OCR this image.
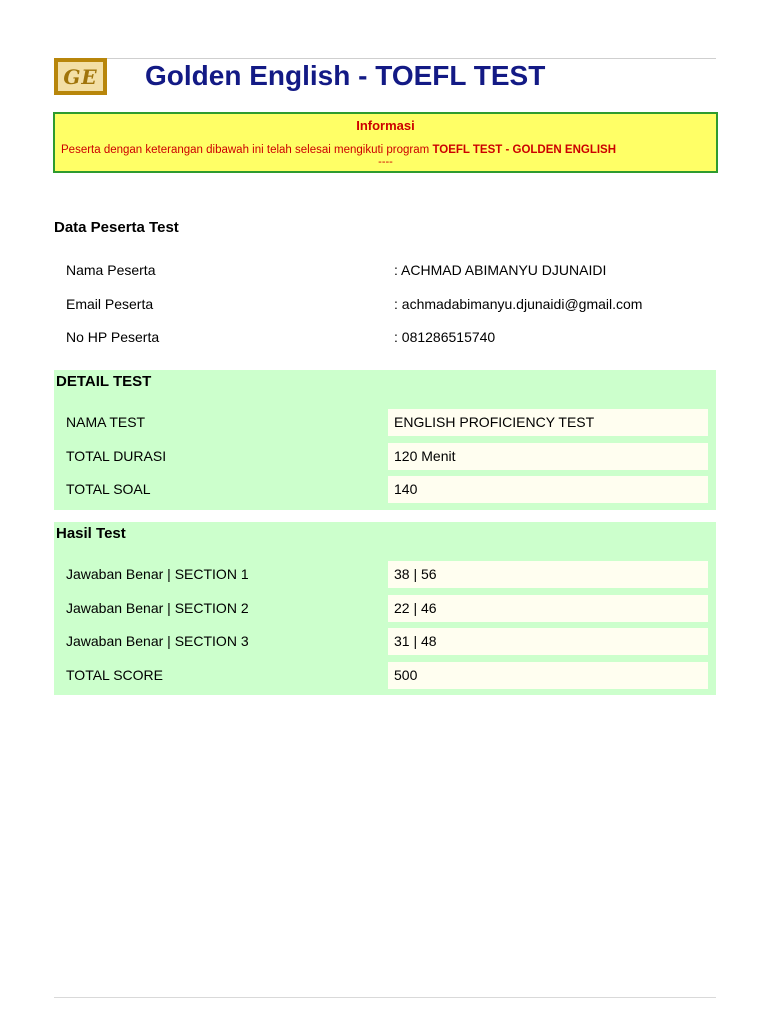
GE Golden English - TOEFL TEST
Informasi
Peserta dengan keterangan dibawah ini telah selesai mengikuti program TOEFL TEST - GOLDEN ENGLISH
----
Data Peserta Test
Nama Peserta	: ACHMAD ABIMANYU DJUNAIDI
Email Peserta	: achmadabimanyu.djunaidi@gmail.com
No HP Peserta	: 081286515740
DETAIL TEST
NAMA TEST	ENGLISH PROFICIENCY TEST
TOTAL DURASI	120 Menit
TOTAL SOAL	140
Hasil Test
Jawaban Benar | SECTION 1	38 | 56
Jawaban Benar | SECTION 2	22 | 46
Jawaban Benar | SECTION 3	31 | 48
TOTAL SCORE	500
